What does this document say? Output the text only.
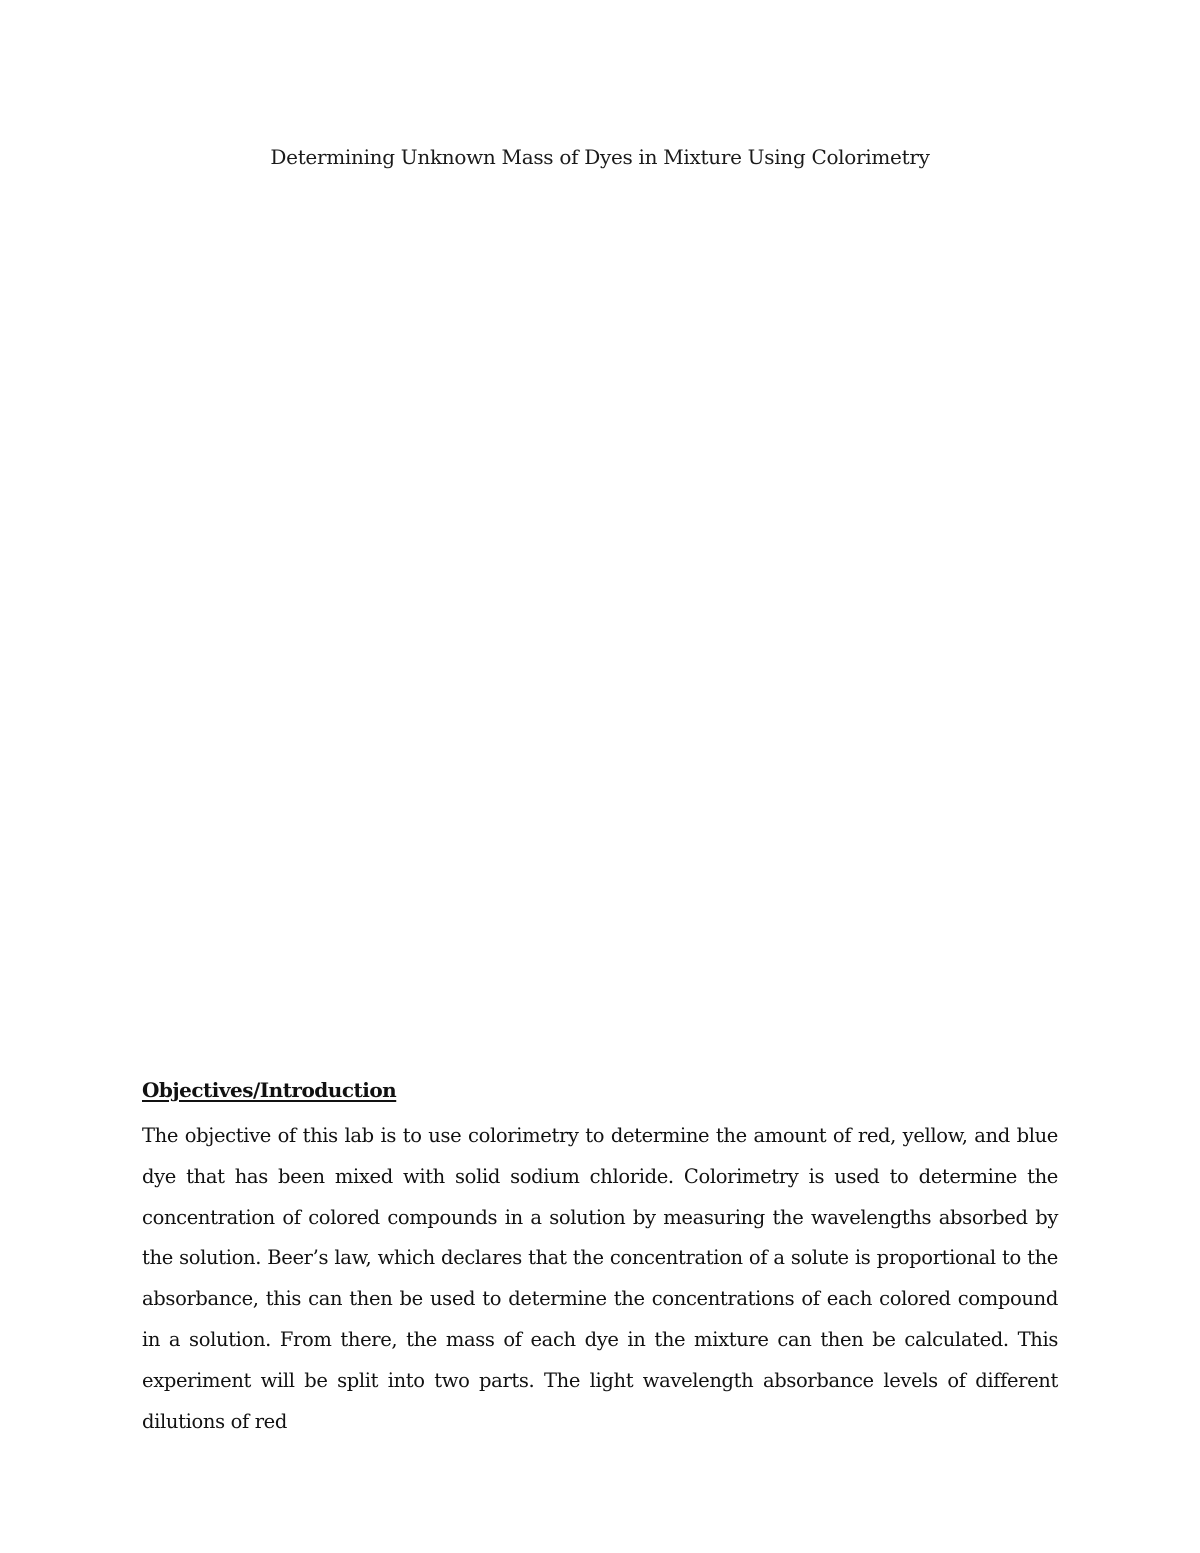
Determining Unknown Mass of Dyes in Mixture Using Colorimetry
Objectives/Introduction

The objective of this lab is to use colorimetry to determine the amount of red, yellow, and blue dye that has been mixed with solid sodium chloride. Colorimetry is used to determine the concentration of colored compounds in a solution by measuring the wavelengths absorbed by the solution. Beer’s law, which declares that the concentration of a solute is proportional to the absorbance, this can then be used to determine the concentrations of each colored compound in a solution. From there, the mass of each dye in the mixture can then be calculated. This experiment will be split into two parts. The light wavelength absorbance levels of different dilutions of red
